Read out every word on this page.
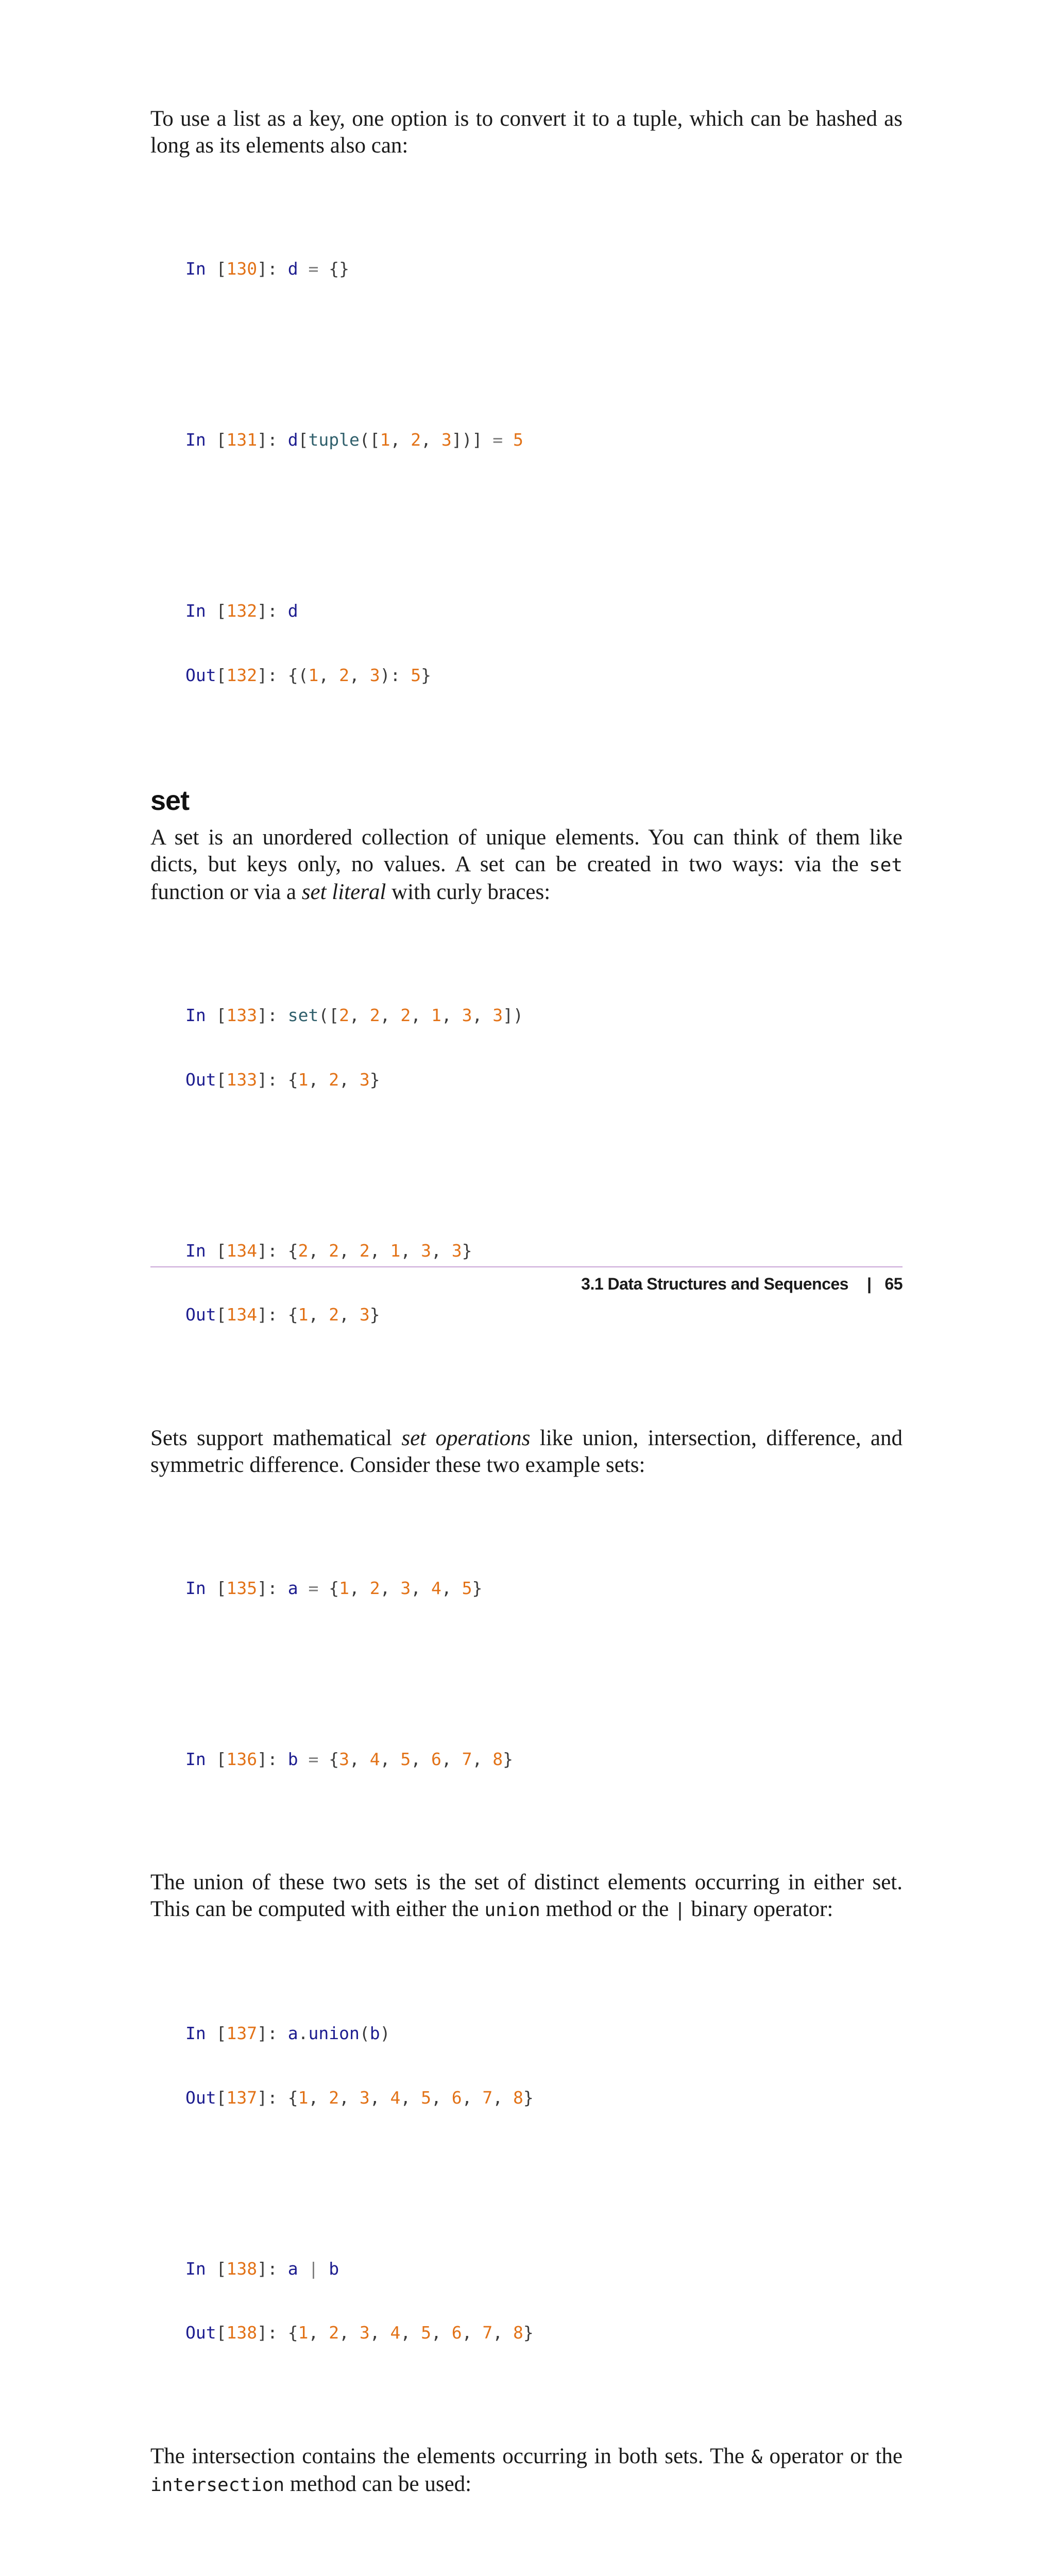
To use a list as a key, one option is to convert it to a tuple, which can be hashed as long as its elements also can:

In [130]: d = {}

In [131]: d[tuple([1, 2, 3])] = 5

In [132]: d

Out[132]: {(1, 2, 3): 5}

set

A set is an unordered collection of unique elements. You can think of them like dicts, but keys only, no values. A set can be created in two ways: via the set function or via a set literal with curly braces:

In [133]: set([2, 2, 2, 1, 3, 3])

Out[133]: {1, 2, 3}

In [134]: {2, 2, 2, 1, 3, 3}

Out[134]: {1, 2, 3}

Sets support mathematical set operations like union, intersection, difference, and symmetric difference. Consider these two example sets:

In [135]: a = {1, 2, 3, 4, 5}

In [136]: b = {3, 4, 5, 6, 7, 8}

The union of these two sets is the set of distinct elements occurring in either set. This can be computed with either the union method or the | binary operator:

In [137]: a.union(b)

Out[137]: {1, 2, 3, 4, 5, 6, 7, 8}

In [138]: a | b

Out[138]: {1, 2, 3, 4, 5, 6, 7, 8}

The intersection contains the elements occurring in both sets. The & operator or the intersection method can be used:

3.1 Data Structures and Sequences | 65
